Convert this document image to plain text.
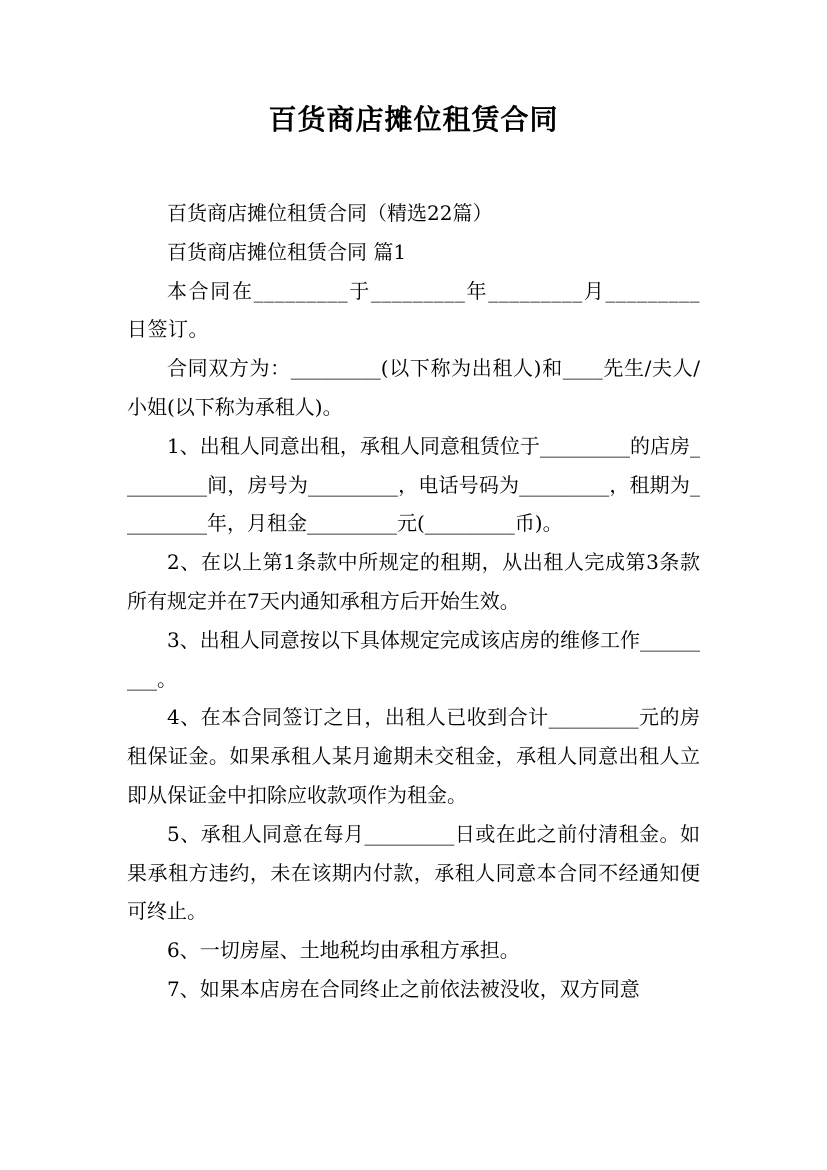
百货商店摊位租赁合同

百货商店摊位租赁合同（精选22篇）

百货商店摊位租赁合同 篇1

本合同在_________于_________年_________月_________日签订。

合同双方为：_________(以下称为出租人)和____先生/夫人/小姐(以下称为承租人)。

1、出租人同意出租，承租人同意租赁位于_________的店房_________间，房号为_________，电话号码为_________，租期为_________年，月租金_________元(_________币)。

2、在以上第1条款中所规定的租期，从出租人完成第3条款所有规定并在7天内通知承租方后开始生效。

3、出租人同意按以下具体规定完成该店房的维修工作_________。

4、在本合同签订之日，出租人已收到合计_________元的房租保证金。如果承租人某月逾期未交租金，承租人同意出租人立即从保证金中扣除应收款项作为租金。

5、承租人同意在每月_________日或在此之前付清租金。如果承租方违约，未在该期内付款，承租人同意本合同不经通知便可终止。

6、一切房屋、土地税均由承租方承担。

7、如果本店房在合同终止之前依法被没收，双方同意
